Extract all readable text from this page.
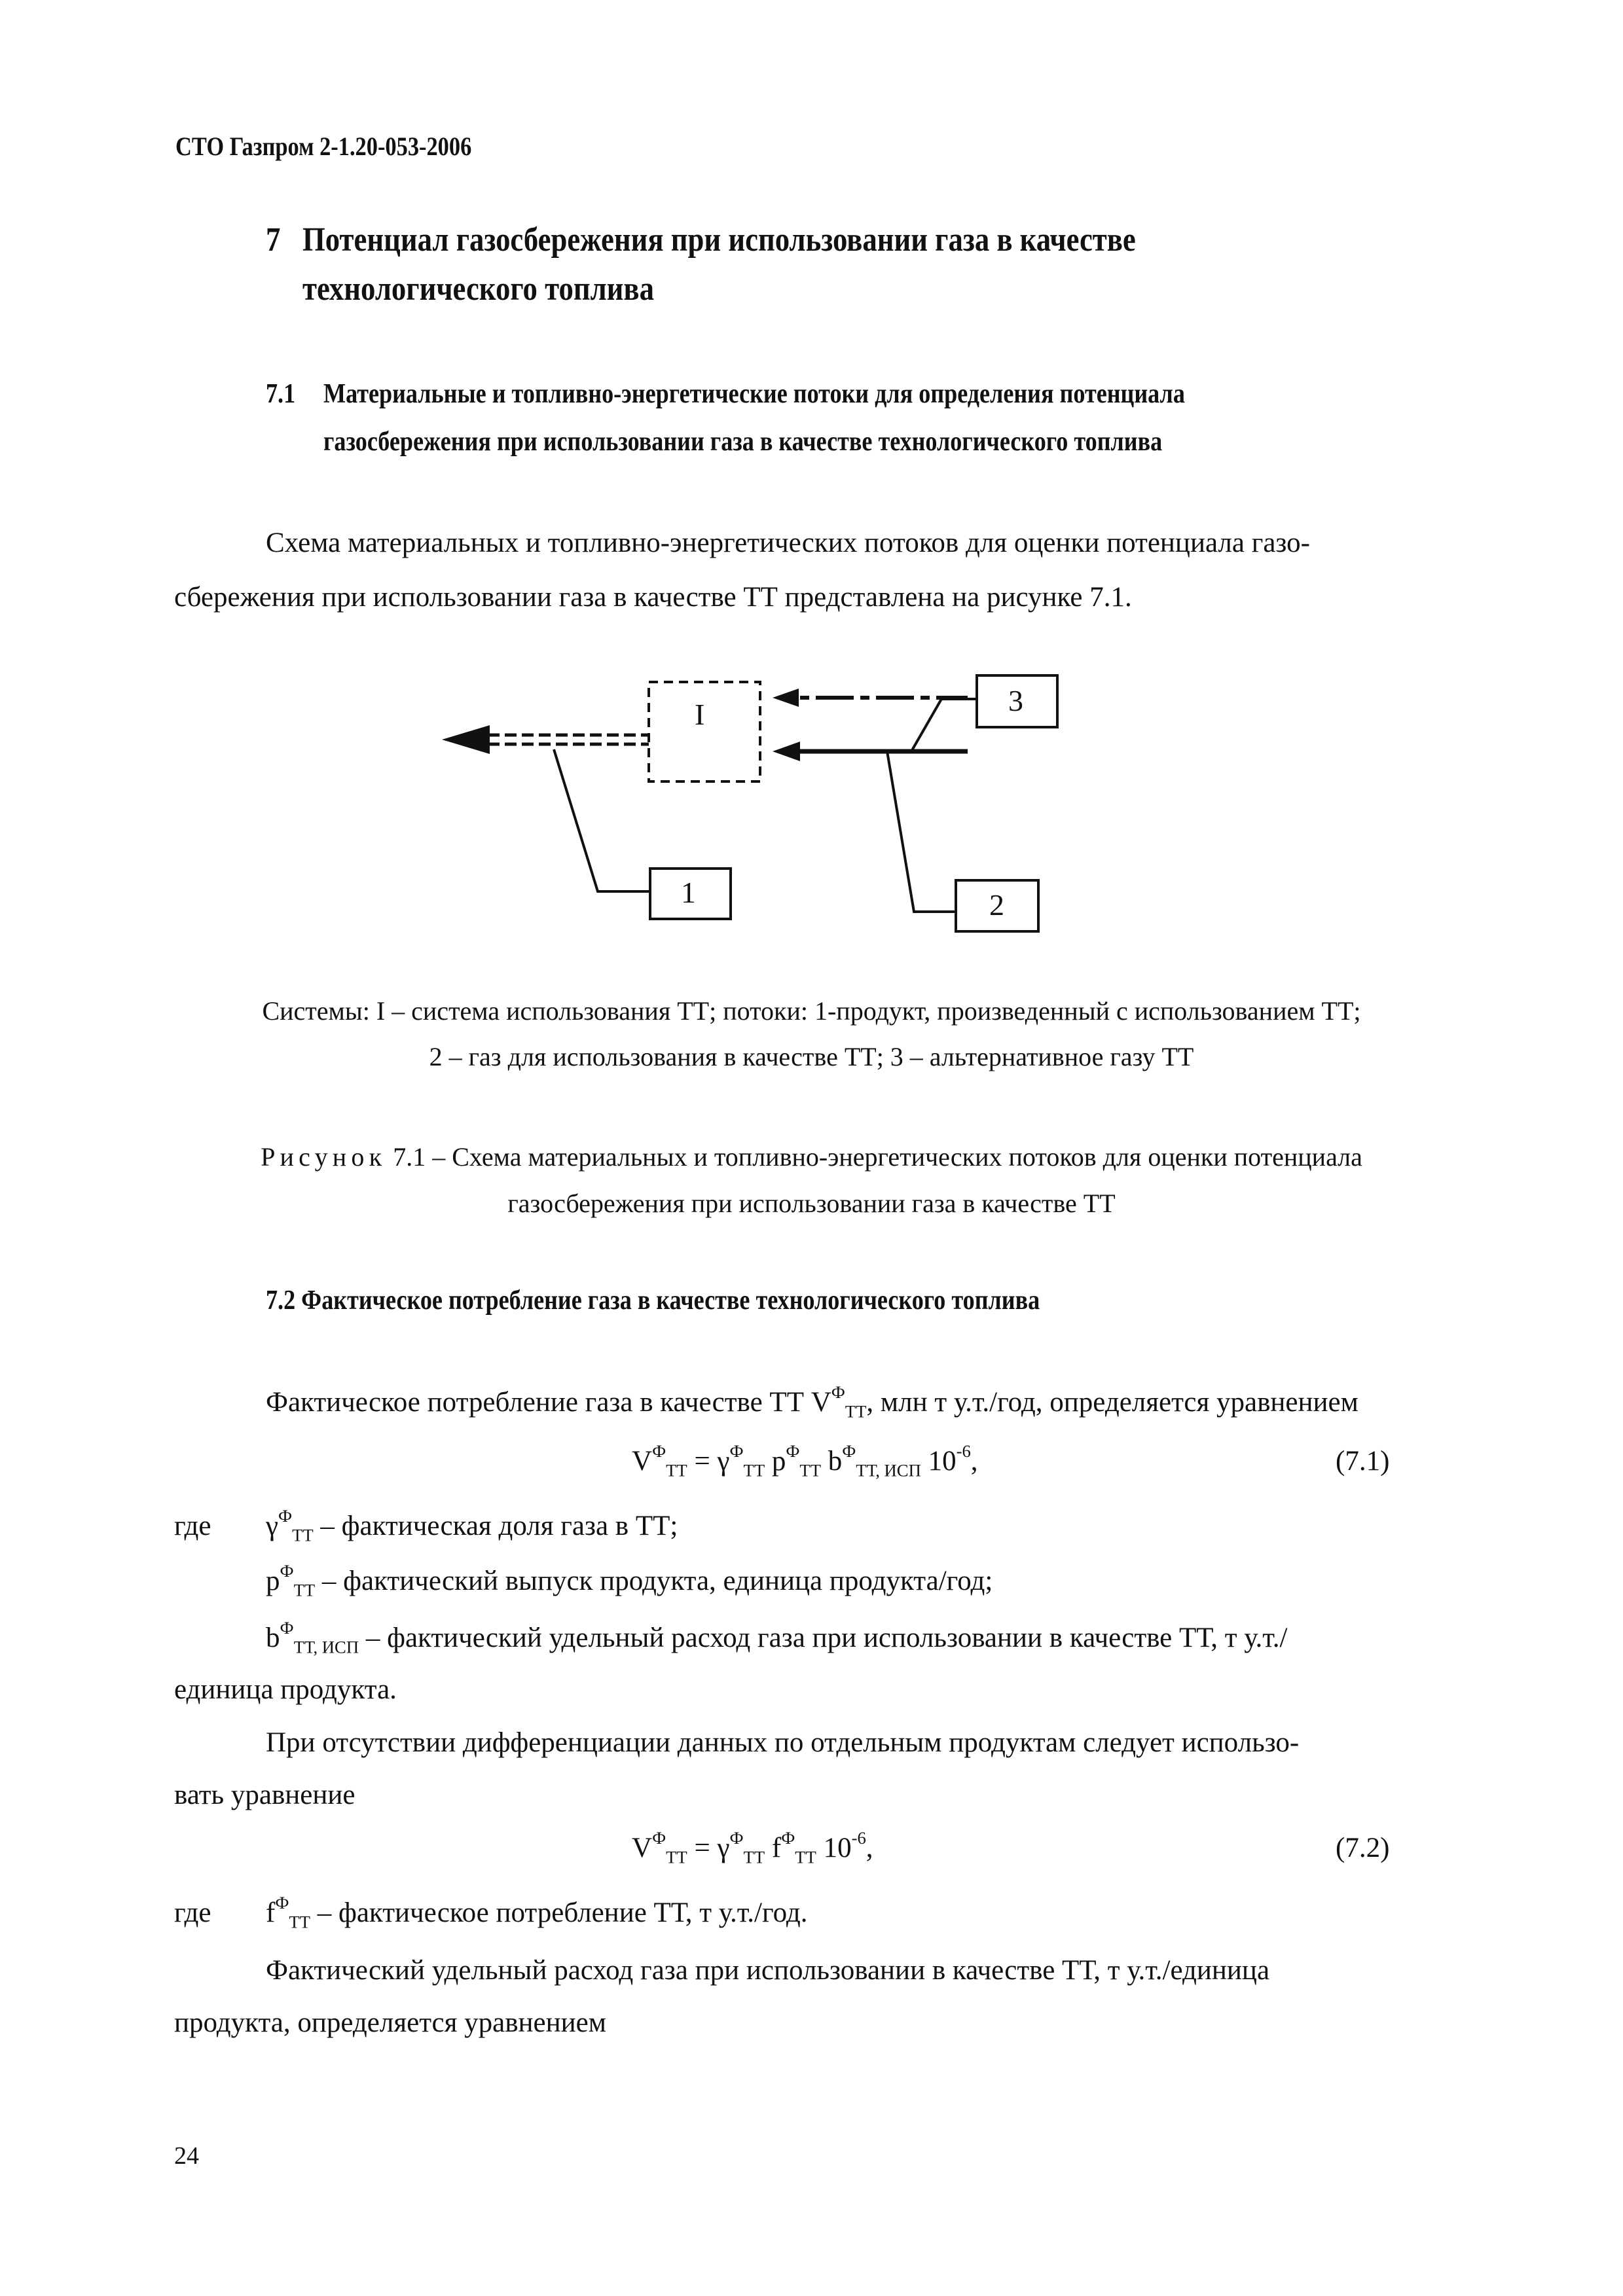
СТО Газпром 2-1.20-053-2006
7 Потенциал газосбережения при использовании газа в качестве
технологического топлива
7.1 Материальные и топливно-энергетические потоки для определения потенциала
газосбережения при использовании газа в качестве технологического топлива
Схема материальных и топливно-энергетических потоков для оценки потенциала газо-
сбережения при использовании газа в качестве ТТ представлена на рисунке 7.1.
I
1	2
3
Системы: I – система использования ТТ; потоки: 1-продукт, произведенный с использованием ТТ;
2 – газ для использования в качестве ТТ; 3 – альтернативное газу ТТ
Рисунок 7.1 – Схема материальных и топливно-энергетических потоков для оценки потенциала
газосбережения при использовании газа в качестве ТТ
7.2 Фактическое потребление газа в качестве технологического топлива
Фактическое потребление газа в качестве ТТ $V^Ф_{ТТ}$, млн т у.т./год, определяется уравнением
$V^Ф_{ТТ} = \gamma^Ф_{ТТ}$ $p^Ф_{ТТ}$ $b^Ф_{ТТ, ИСП}$ $10^{-6}$,	(7.1)
где $\gamma^Ф_{ТТ}$ – фактическая доля газа в ТТ;
$p^Ф_{ТТ}$ – фактический выпуск продукта, единица продукта/год;
$b^Ф_{ТТ, ИСП}$ – фактический удельный расход газа при использовании в качестве ТТ, т у.т./
единица продукта.
При отсутствии дифференциации данных по отдельным продуктам следует использо-
вать уравнение
$V^Ф_{ТТ} = \gamma^Ф_{ТТ}$ $f^Ф_{ТТ}$ $10^{-6}$,	(7.2)
где $f^Ф_{ТТ}$ – фактическое потребление ТТ, т у.т./год.
Фактический удельный расход газа при использовании в качестве ТТ, т у.т./единица
продукта, определяется уравнением
24
